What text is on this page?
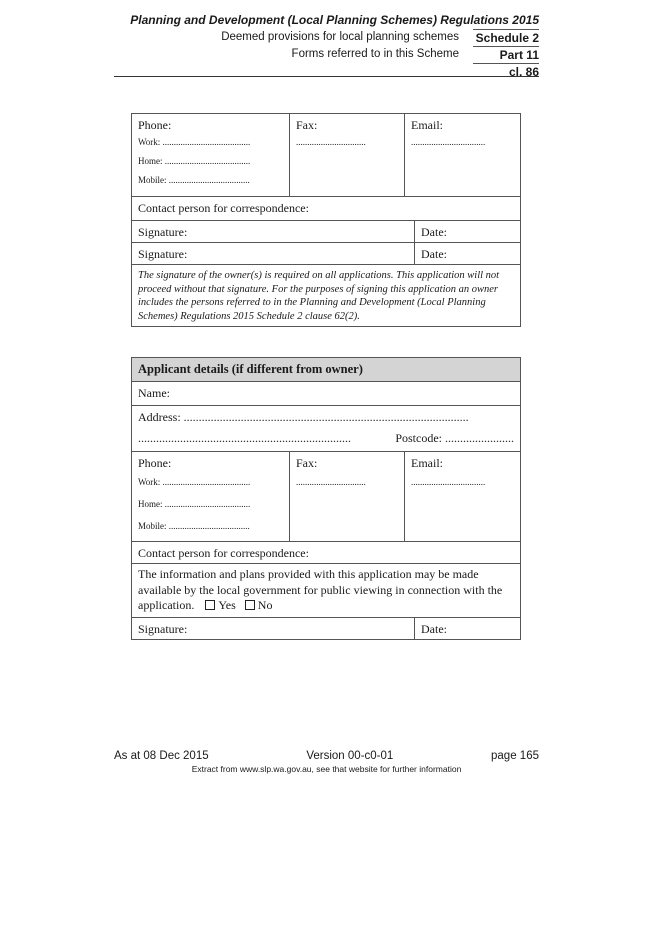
Planning and Development (Local Planning Schemes) Regulations 2015
Deemed provisions for local planning schemes Schedule 2
Forms referred to in this Scheme	Part 11
cl. 86
Phone:
Work: .......................................
Home: ......................................
Mobile: ....................................
Fax:
...............................
Email:
.................................
Contact person for correspondence:
Signature:	Date:
Signature:	Date:
The signature of the owner(s) is required on all applications. This application will not proceed without that signature. For the purposes of signing this application an owner includes the persons referred to in the Planning and Development (Local Planning Schemes) Regulations 2015 Schedule 2 clause 62(2).
Applicant details (if different from owner)
Name:
Address: ...............................................................................................
.......................................................................	Postcode: .......................
Phone:
Work: .......................................
Home: ......................................
Mobile: ....................................
Fax:
...............................
Email:
.................................
Contact person for correspondence:
The information and plans provided with this application may be made available by the local government for public viewing in connection with the application. Yes No
Signature:	Date:
As at 08 Dec 2015	Version 00-c0-01	page 165
Extract from www.slp.wa.gov.au, see that website for further information
